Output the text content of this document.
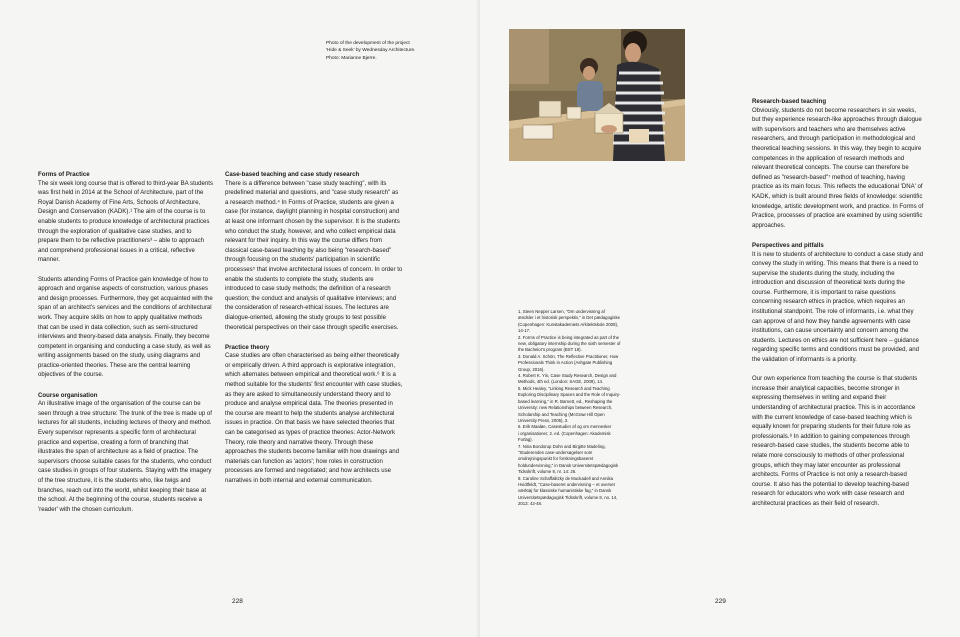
Photo of the development of the project
'Hide & Seek' by Wednesday Architecture.
Photo: Marianne Bjerre.
Forms of Practice

The six week long course that is offered to third-year BA students was first held in 2014 at the School of Architecture, part of the Royal Danish Academy of Fine Arts, Schools of Architecture, Design and Conservation (KADK).¹ The aim of the course is to enable students to produce knowledge of architectural practices through the exploration of qualitative case studies, and to prepare them to be reflective practitioners³ – able to approach and comprehend professional issues in a critical, reflective manner.

Students attending Forms of Practice gain knowledge of how to approach and organise aspects of construction, various phases and design processes. Furthermore, they get acquainted with the span of an architect's services and the conditions of architectural work. They acquire skills on how to apply qualitative methods that can be used in data collection, such as semi-structured interviews and theory-based data analysis. Finally, they become competent in organising and conducting a case study, as well as writing assignments based on the study, using diagrams and practice-oriented theories. These are the central learning objectives of the course.

Course organisation

An illustrative image of the organisation of the course can be seen through a tree structure: The trunk of the tree is made up of lectures for all students, including lectures of theory and method. Every supervisor represents a specific form of architectural practice and expertise, creating a form of branching that illustrates the span of architecture as a field of practice. The supervisors choose suitable cases for the students, who conduct case studies in groups of four students. Staying with the imagery of the tree structure, it is the students who, like twigs and branches, reach out into the world, whilst keeping their base at the school. At the beginning of the course, students receive a 'reader' with the chosen curriculum.

Case-based teaching and case study research

There is a difference between "case study teaching", with its predefined material and questions, and "case study research" as a research method.⁴ In Forms of Practice, students are given a case (for instance, daylight planning in hospital construction) and at least one informant chosen by the supervisor. It is the students who conduct the study, however, and who collect empirical data relevant for their inquiry. In this way the course differs from classical case-based teaching by also being "research-based" through focusing on the students' participation in scientific processes⁵ that involve architectural issues of concern. In order to enable the students to complete the study, students are introduced to case study methods; the definition of a research question; the conduct and analysis of qualitative interviews; and the consideration of research-ethical issues. The lectures are dialogue-oriented, allowing the study groups to test possible theoretical perspectives on their case through specific exercises.

Practice theory

Case studies are often characterised as being either theoretically or empirically driven. A third approach is explorative integration, which alternates between empirical and theoretical work.⁶ It is a method suitable for the students' first encounter with case studies, as they are asked to simultaneously understand theory and to produce and analyse empirical data. The theories presented in the course are meant to help the students analyse architectural issues in practice. On that basis we have selected theories that can be categorised as types of practice theories: Actor-Network Theory, role theory and narrative theory. Through these approaches the students become familiar with how drawings and materials can function as 'actors'; how roles in construction processes are formed and negotiated; and how architects use narratives in both internal and external communication.

228	229
1. Steen Nepper Larsen, "Om undervisning af
ændsler i et historisk perspektiv," in Det pædagogiske
(Copenhagen: Kunstakademiets Arkitektskole 2008),
14-17.
2. Forms of Practice is being integrated as part of the
new, obligatory internship during the sixth semester of
the Bachelor's program (BST 18).
3. Donald A. Schön, The Reflective Practitioner, How
Professionals Think in Action (Ashgate Publishing
Group, 2016).
4. Robert K. Yin, Case Study Research, Design and
Methods, 4th ed. (London: SAGE, 2009), 14.
5. Mick Healey, "Linking Research and Teaching
Exploring Disciplinary Spaces and the Role of Inquiry-
based learning," in R. Barnett, ed., Reshaping the
University: new Relationships between Research,
Scholarship and Teaching (McGraw Hill Open
University Press, 2005), 3.
6. Erik Maaløe, Casestudier af og om mennesker
i organisationer, 2. ed. (Copenhagen: Akademisk
Forlag).
7. Nina Bondorup Dohn and Birgitte Madeling,
"Studerendes case-undersøgelser som
omdrejningspunkt for forskningsbaseret
holdundervisning," in Dansk Universitetspædagogisk
Tidsskrift, volume 8, nr. 14: 26.
8. Caroline Schaffalitzky de Muckadell and Annika
Hvidtfeldt, "Case-baseret undervisning – et overset
værktøj for klassiske humanistiske fag," in Dansk
Universitetspædagogisk Tidsskrift, volume 8, no. 14,
2013: 42-48.
Research-based teaching

Obviously, students do not become researchers in six weeks, but they experience research-like approaches through dialogue with supervisors and teachers who are themselves active researchers, and through participation in methodological and theoretical teaching sessions. In this way, they begin to acquire competences in the application of research methods and relevant theoretical concepts. The course can therefore be defined as "research-based"⁷ method of teaching, having practice as its main focus. This reflects the educational 'DNA' of KADK, which is built around three fields of knowledge: scientific knowledge, artistic development work, and practice. In Forms of Practice, processes of practice are examined by using scientific approaches.

Perspectives and pitfalls

It is new to students of architecture to conduct a case study and convey the study in writing. This means that there is a need to supervise the students during the study, including the introduction and discussion of theoretical texts during the course. Furthermore, it is important to raise questions concerning research ethics in practice, which requires an institutional standpoint. The role of informants, i.e. what they can approve of and how they handle agreements with case institutions, can cause uncertainty and concern among the students. Lectures on ethics are not sufficient here – guidance regarding specific terms and conditions must be provided, and the validation of informants is a priority.

Our own experience from teaching the course is that students increase their analytical capacities, become stronger in expressing themselves in writing and expand their understanding of architectural practice. This is in accordance with the current knowledge of case-based teaching which is equally known for preparing students for their future role as professionals.⁸ In addition to gaining competences through research-based case studies, the students become able to relate more consciously to methods of other professional groups, which they may later encounter as professional architects. Forms of Practice is not only a research-based course. It also has the potential to develop teaching-based research for educators who work with case research and architectural practices as their field of research.
